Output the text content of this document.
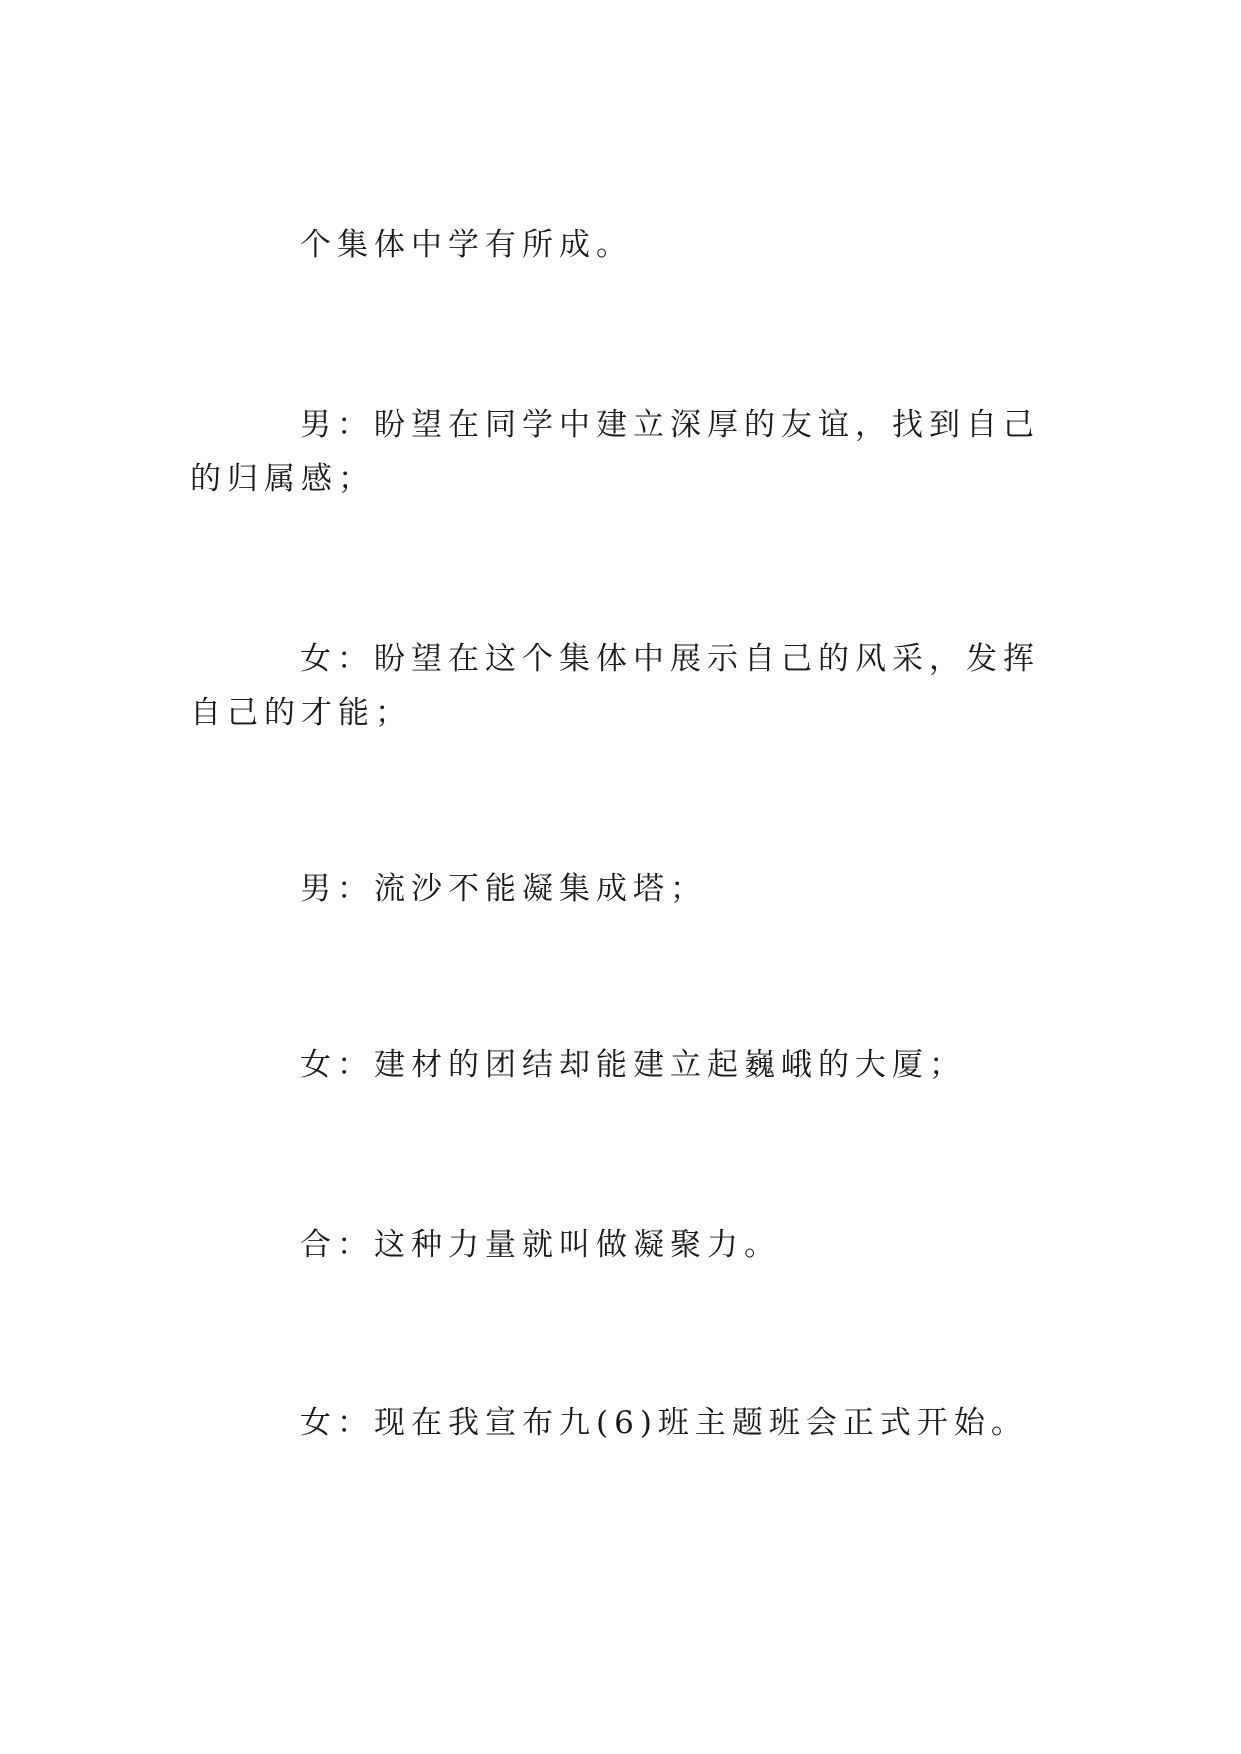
个集体中学有所成。

男：盼望在同学中建立深厚的友谊，找到自己的归属感；

女：盼望在这个集体中展示自己的风采，发挥自己的才能；

男：流沙不能凝集成塔；

女：建材的团结却能建立起巍峨的大厦；

合：这种力量就叫做凝聚力。

女：现在我宣布九(6)班主题班会正式开始。
